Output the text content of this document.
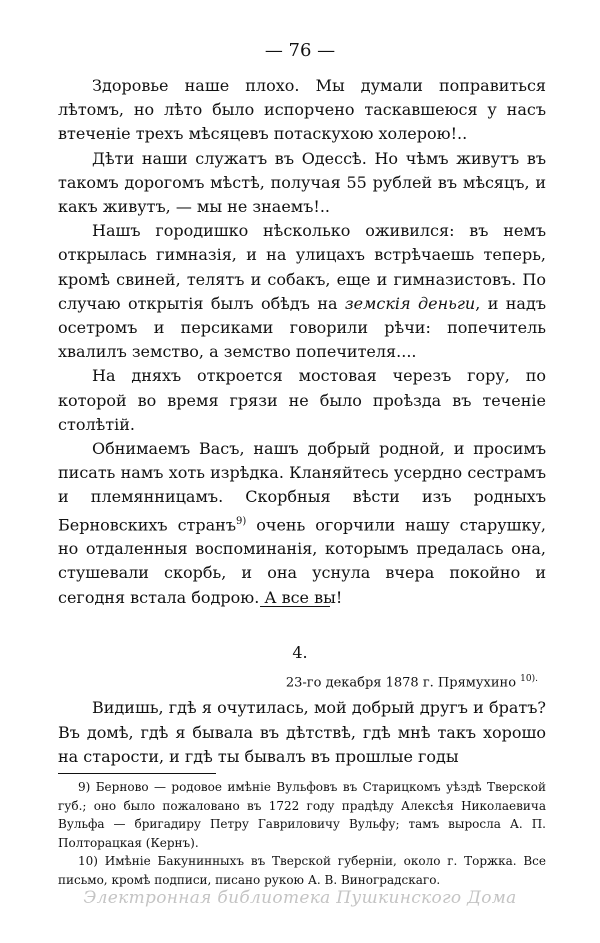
— 76 —

Здоровье наше плохо. Мы думали поправиться лѣтомъ, но лѣто было испорчено таскавшеюся у насъ втеченіе трехъ мѣсяцевъ потаскухою холерою!..

Дѣти наши служатъ въ Одессѣ. Но чѣмъ живутъ въ такомъ дорогомъ мѣстѣ, получая 55 рублей въ мѣсяцъ, и какъ живутъ, — мы не знаемъ!..

Нашъ городишко нѣсколько оживился: въ немъ открылась гимназія, и на улицахъ встрѣчаешь теперь, кромѣ свиней, телятъ и собакъ, еще и гимназистовъ. По случаю открытія былъ обѣдъ на земскія деньги, и надъ осетромъ и персиками говорили рѣчи: попечитель хвалилъ земство, а земство попечителя....

На дняхъ откроется мостовая черезъ гору, по которой во время грязи не было проѣзда въ теченіе столѣтій.

Обнимаемъ Васъ, нашъ добрый родной, и просимъ писать намъ хоть изрѣдка. Кланяйтесь усердно сестрамъ и племянницамъ. Скорбныя вѣсти изъ родныхъ Берновскихъ странъ$^{9)}$ очень огорчили нашу старушку, но отдаленныя воспоминанія, которымъ предалась она, стушевали скорбь, и она уснула вчера покойно и сегодня встала бодрою. А все вы!

4.
23-го декабря 1878 г. Прямухино $^{10).}$

Видишь, гдѣ я очутилась, мой добрый другъ и братъ? Въ домѣ, гдѣ я бывала въ дѣтствѣ, гдѣ мнѣ такъ хорошо на старости, и гдѣ ты бывалъ въ прошлые годы

9) Берново — родовое имѣніе Вульфовъ въ Старицкомъ уѣздѣ Тверской губ.; оно было пожаловано въ 1722 году прадѣду Алексѣя Николаевича Вульфа — бригадиру Петру Гавриловичу Вульфу; тамъ выросла А. П. Полторацкая (Кернъ).

10) Имѣніе Бакунинныхъ въ Тверской губерніи, около г. Торжка. Все письмо, кромѣ подписи, писано рукою А. В. Виноградскаго.

Электронная библиотека Пушкинского Дома
